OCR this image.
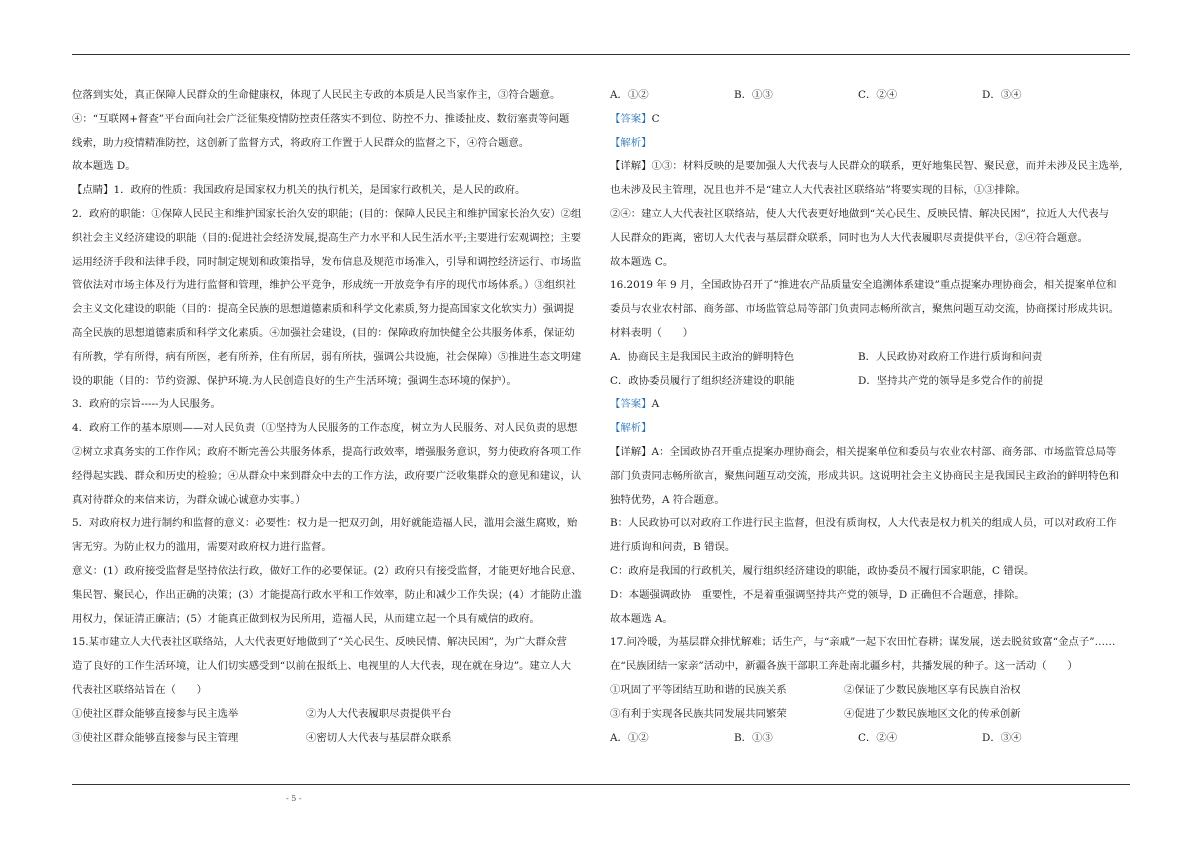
位落到实处，真正保障人民群众的生命健康权，体现了人民民主专政的本质是人民当家作主，③符合题意。

④：“互联网+督查”平台面向社会广泛征集疫情防控责任落实不到位、防控不力、推诿扯皮、数衍塞责等问题

线索，助力疫情精准防控，这创新了监督方式，将政府工作置于人民群众的监督之下，④符合题意。

故本题选 D。

【点睛】1．政府的性质：我国政府是国家权力机关的执行机关，是国家行政机关，是人民的政府。

2．政府的职能：①保障人民民主和维护国家长治久安的职能；(目的：保障人民民主和维护国家长治久安）②组

织社会主义经济建设的职能（目的:促进社会经济发展,提高生产力水平和人民生活水平;主要进行宏观调控；主要

运用经济手段和法律手段，同时制定规划和政策指导，发布信息及规范市场准入，引导和调控经济运行、市场监

管依法对市场主体及行为进行监督和管理，维护公平竞争，形成统一开放竞争有序的现代市场体系。）③组织社

会主义文化建设的职能（目的：提高全民族的思想道德素质和科学文化素质,努力提高国家文化软实力）强调提

高全民族的思想道德素质和科学文化素质。④加强社会建设，(目的：保障政府加快健全公共服务体系，保证幼

有所教，学有所得，病有所医，老有所养，住有所居，弱有所扶，强调公共设施，社会保障）⑤推进生态文明建

设的职能（目的：节约资源、保护环境.为人民创造良好的生产生活环境；强调生态环境的保护）。

3．政府的宗旨-----为人民服务。

4．政府工作的基本原则——对人民负责（①坚持为人民服务的工作态度，树立为人民服务、对人民负责的思想

②树立求真务实的工作作风；政府不断完善公共服务体系，提高行政效率，增强服务意识，努力使政府各项工作

经得起实践、群众和历史的检验；④从群众中来到群众中去的工作方法，政府要广泛收集群众的意见和建议，认

真对待群众的来信来访，为群众诚心诚意办实事。）

5．对政府权力进行制约和监督的意义：必要性：权力是一把双刃剑，用好就能造福人民，滥用会滋生腐败，贻

害无穷。为防止权力的滥用，需要对政府权力进行监督。

意义：(1）政府接受监督是坚持依法行政，做好工作的必要保证。(2）政府只有接受监督，才能更好地合民意、

集民智、聚民心，作出正确的决策；(3）才能提高行政水平和工作效率，防止和减少工作失误；(4）才能防止滥

用权力，保证清正廉洁；(5）才能真正做到权为民所用，造福人民，从而建立起一个具有威信的政府。

15.某市建立人大代表社区联络站，人大代表更好地做到了“关心民生、反映民情、解决民困”，为广大群众营

造了良好的工作生活环境，让人们切实感受到“以前在报纸上、电视里的人大代表，现在就在身边”。建立人大

代表社区联络站旨在（　　）

①使社区群众能够直接参与民主选举	②为人大代表履职尽责提供平台
③使社区群众能够直接参与民主管理	④密切人大代表与基层群众联系
A．①②	B．①③	C．②④	D．③④

【答案】C

【解析】

【详解】①③：材料反映的是要加强人大代表与人民群众的联系，更好地集民智、聚民意，而并未涉及民主选举,

也未涉及民主管理，况且也并不是“建立人大代表社区联络站”将要实现的目标，①③排除。

②④：建立人大代表社区联络站，使人大代表更好地做到“关心民生、反映民情、解决民困”，拉近人大代表与

人民群众的距离，密切人大代表与基层群众联系，同时也为人大代表履职尽责提供平台，②④符合题意。

故本题选 C。

16.2019 年 9 月，全国政协召开了“推进农产品质量安全追溯体系建设”重点提案办理协商会，相关提案单位和

委员与农业农村部、商务部、市场监管总局等部门负责同志畅所欲言，聚焦问题互动交流，协商探讨形成共识。

材料表明（　　）

A．协商民主是我国民主政治的鲜明特色	B．人民政协对政府工作进行质询和问责
C．政协委员履行了组织经济建设的职能	D．坚持共产党的领导是多党合作的前提

【答案】A

【解析】

【详解】A：全国政协召开重点提案办理协商会，相关提案单位和委员与农业农村部、商务部、市场监管总局等

部门负责同志畅所欲言，聚焦问题互动交流，形成共识。这说明社会主义协商民主是我国民主政治的鲜明特色和

独特优势，A 符合题意。

B：人民政协可以对政府工作进行民主监督，但没有质询权，人大代表是权力机关的组成人员，可以对政府工作

进行质询和问责，B 错误。

C：政府是我国的行政机关，履行组织经济建设的职能，政协委员不履行国家职能，C 错误。

D：本题强调政协　重要性，不是着重强调坚持共产党的领导，D 正确但不合题意，排除。

故本题选 A。

17.问冷暖，为基层群众排忧解难；话生产，与“亲戚”一起下农田忙春耕；谋发展，送去脱贫致富“金点子”……

在“民族团结一家亲”活动中，新疆各族干部职工奔赴南北疆乡村，共播发展的种子。这一活动（　　）

①巩固了平等团结互助和谐的民族关系	②保证了少数民族地区享有民族自治权
③有利于实现各民族共同发展共同繁荣	④促进了少数民族地区文化的传承创新
A．①②	B．①③	C．②④	D．③④
- 5 -
